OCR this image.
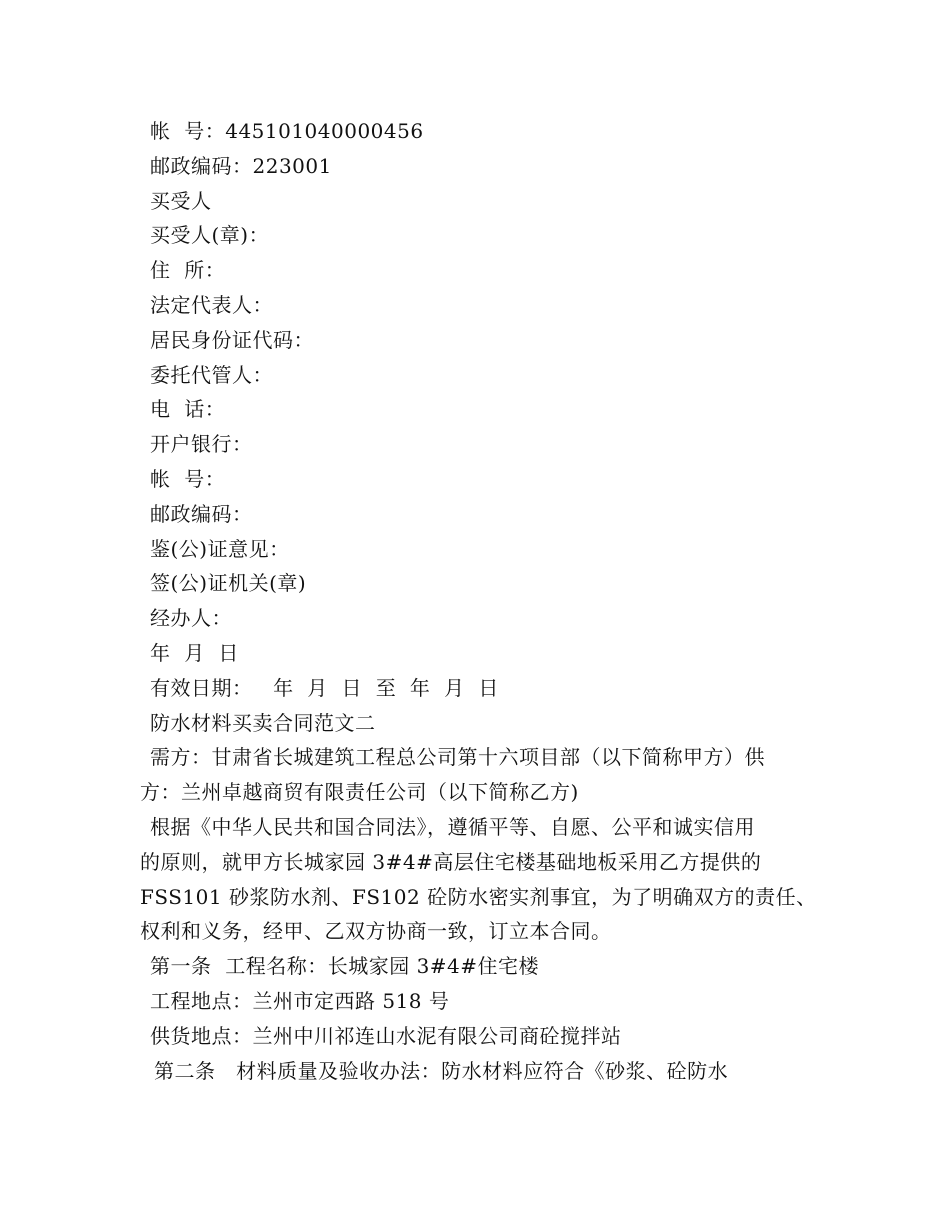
帐  号：445101040000456
邮政编码：223001
买受人
买受人(章)：
住  所：
法定代表人：
居民身份证代码：
委托代管人：
电  话：
开户银行：
帐  号：
邮政编码：
鉴(公)证意见：
签(公)证机关(章)
经办人：
年  月  日
有效日期：   年  月  日  至  年  月  日
防水材料买卖合同范文二
需方：甘肃省长城建筑工程总公司第十六项目部（以下简称甲方）供
方：兰州卓越商贸有限责任公司（以下简称乙方)
根据《中华人民共和国合同法》，遵循平等、自愿、公平和诚实信用
的原则，就甲方长城家园 3#4#高层住宅楼基础地板采用乙方提供的
FSS101 砂浆防水剂、FS102 砼防水密实剂事宜，为了明确双方的责任、
权利和义务，经甲、乙双方协商一致，订立本合同。
第一条  工程名称：长城家园 3#4#住宅楼
工程地点：兰州市定西路 518 号
供货地点：兰州中川祁连山水泥有限公司商砼搅拌站
第二条   材料质量及验收办法：防水材料应符合《砂浆、砼防水
